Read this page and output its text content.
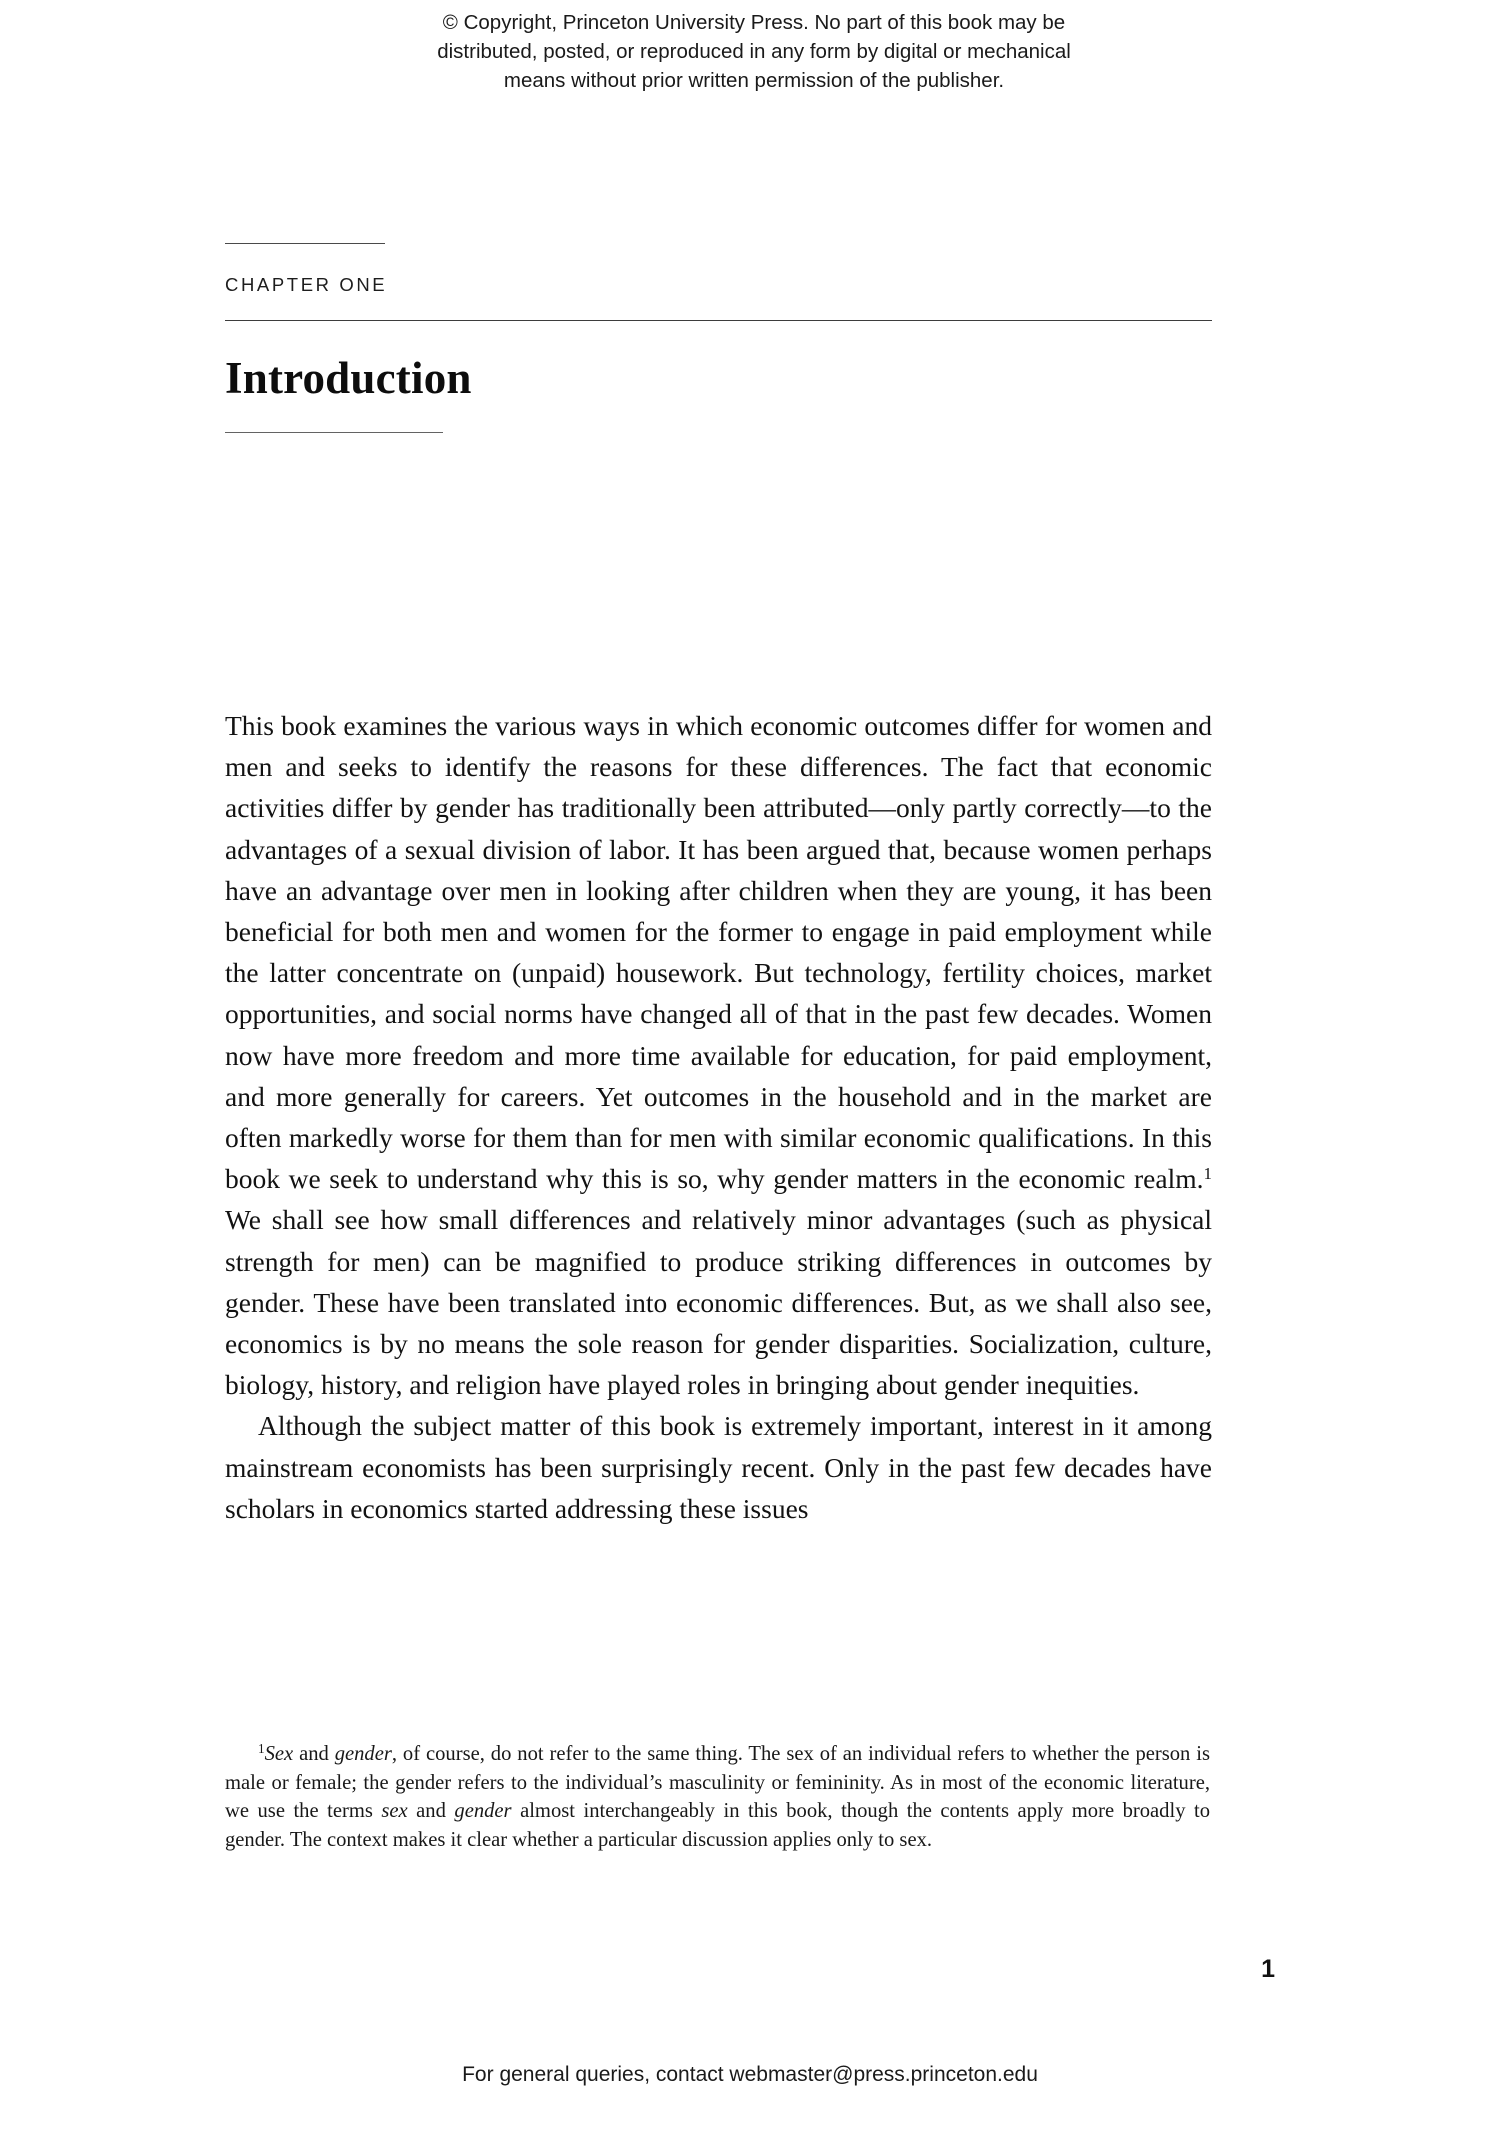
© Copyright, Princeton University Press. No part of this book may be

distributed, posted, or reproduced in any form by digital or mechanical

means without prior written permission of the publisher.

CHAPTER ONE
Introduction

This book examines the various ways in which economic outcomes differ for women and men and seeks to identify the reasons for these differences. The fact that economic activities differ by gender has traditionally been attributed—only partly correctly—to the advantages of a sexual division of labor. It has been argued that, because women perhaps have an advantage over men in looking after children when they are young, it has been beneficial for both men and women for the former to engage in paid employment while the latter concentrate on (unpaid) housework. But technology, fertility choices, market opportunities, and social norms have changed all of that in the past few decades. Women now have more freedom and more time available for education, for paid employment, and more generally for careers. Yet outcomes in the household and in the market are often markedly worse for them than for men with similar economic qualifications. In this book we seek to understand why this is so, why gender matters in the economic realm.$^1$ We shall see how small differences and relatively minor advantages (such as physical strength for men) can be magnified to produce striking differences in outcomes by gender. These have been translated into economic differences. But, as we shall also see, economics is by no means the sole reason for gender disparities. Socialization, culture, biology, history, and religion have played roles in bringing about gender inequities.

Although the subject matter of this book is extremely important, interest in it among mainstream economists has been surprisingly recent. Only in the past few decades have scholars in economics started addressing these issues

$^1$Sex and gender, of course, do not refer to the same thing. The sex of an individual refers to whether the person is male or female; the gender refers to the individual’s masculinity or femininity. As in most of the economic literature, we use the terms sex and gender almost interchangeably in this book, though the contents apply more broadly to gender. The context makes it clear whether a particular discussion applies only to sex.

1
For general queries, contact webmaster@press.princeton.edu
